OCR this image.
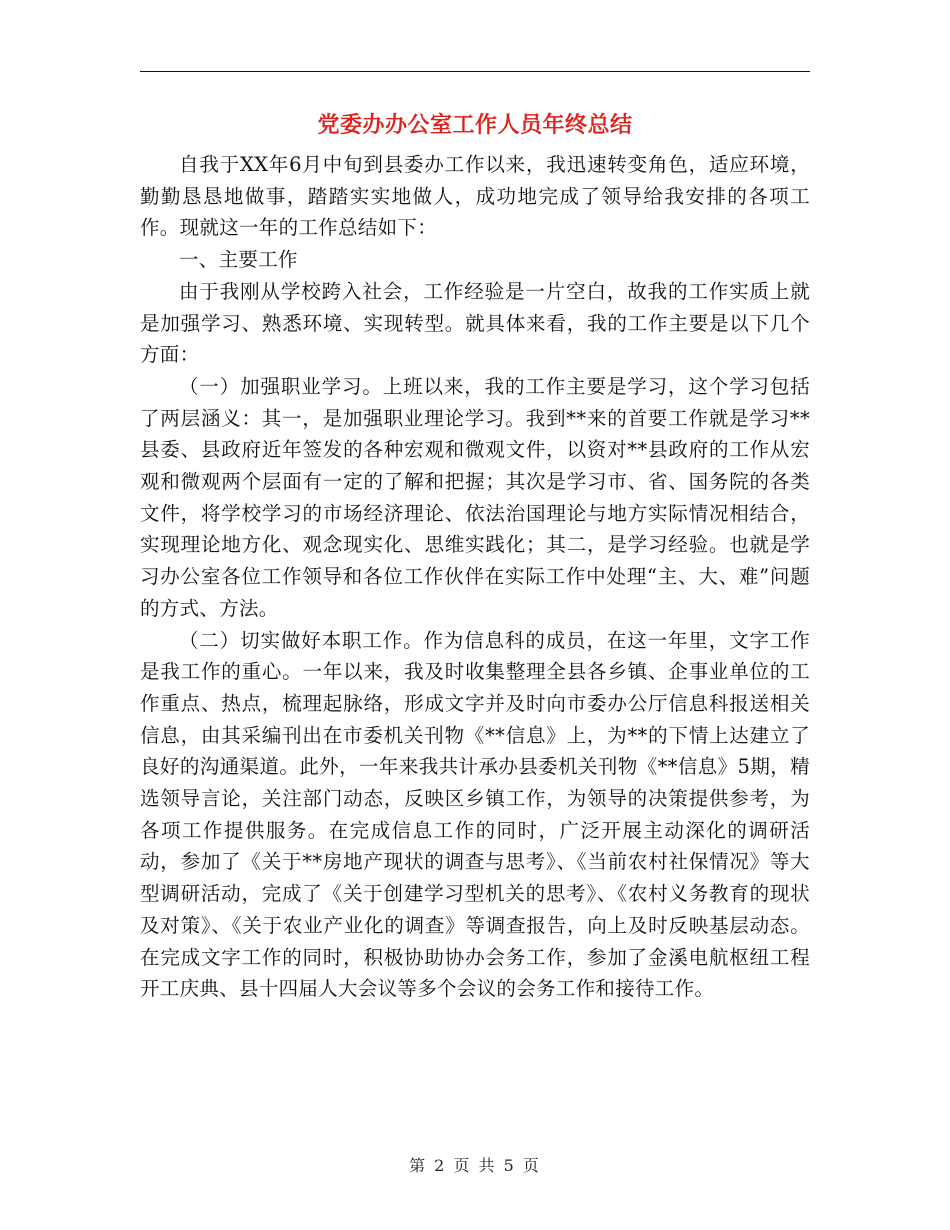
党委办办公室工作人员年终总结

自我于XX年6月中旬到县委办工作以来，我迅速转变角色，适应环境，勤勤恳恳地做事，踏踏实实地做人，成功地完成了领导给我安排的各项工作。现就这一年的工作总结如下：

一、主要工作

由于我刚从学校跨入社会，工作经验是一片空白，故我的工作实质上就是加强学习、熟悉环境、实现转型。就具体来看，我的工作主要是以下几个方面：

（一）加强职业学习。上班以来，我的工作主要是学习，这个学习包括了两层涵义：其一，是加强职业理论学习。我到**来的首要工作就是学习**县委、县政府近年签发的各种宏观和微观文件，以资对**县政府的工作从宏观和微观两个层面有一定的了解和把握；其次是学习市、省、国务院的各类文件，将学校学习的市场经济理论、依法治国理论与地方实际情况相结合，实现理论地方化、观念现实化、思维实践化；其二，是学习经验。也就是学习办公室各位工作领导和各位工作伙伴在实际工作中处理“主、大、难”问题的方式、方法。

（二）切实做好本职工作。作为信息科的成员，在这一年里，文字工作是我工作的重心。一年以来，我及时收集整理全县各乡镇、企事业单位的工作重点、热点，梳理起脉络，形成文字并及时向市委办公厅信息科报送相关信息，由其采编刊出在市委机关刊物《**信息》上，为**的下情上达建立了良好的沟通渠道。此外，一年来我共计承办县委机关刊物《**信息》5期，精选领导言论，关注部门动态，反映区乡镇工作，为领导的决策提供参考，为各项工作提供服务。在完成信息工作的同时，广泛开展主动深化的调研活动，参加了《关于**房地产现状的调查与思考》、《当前农村社保情况》等大型调研活动，完成了《关于创建学习型机关的思考》、《农村义务教育的现状及对策》、《关于农业产业化的调查》等调查报告，向上及时反映基层动态。在完成文字工作的同时，积极协助协办会务工作，参加了金溪电航枢纽工程开工庆典、县十四届人大会议等多个会议的会务工作和接待工作。

第 2 页 共 5 页
